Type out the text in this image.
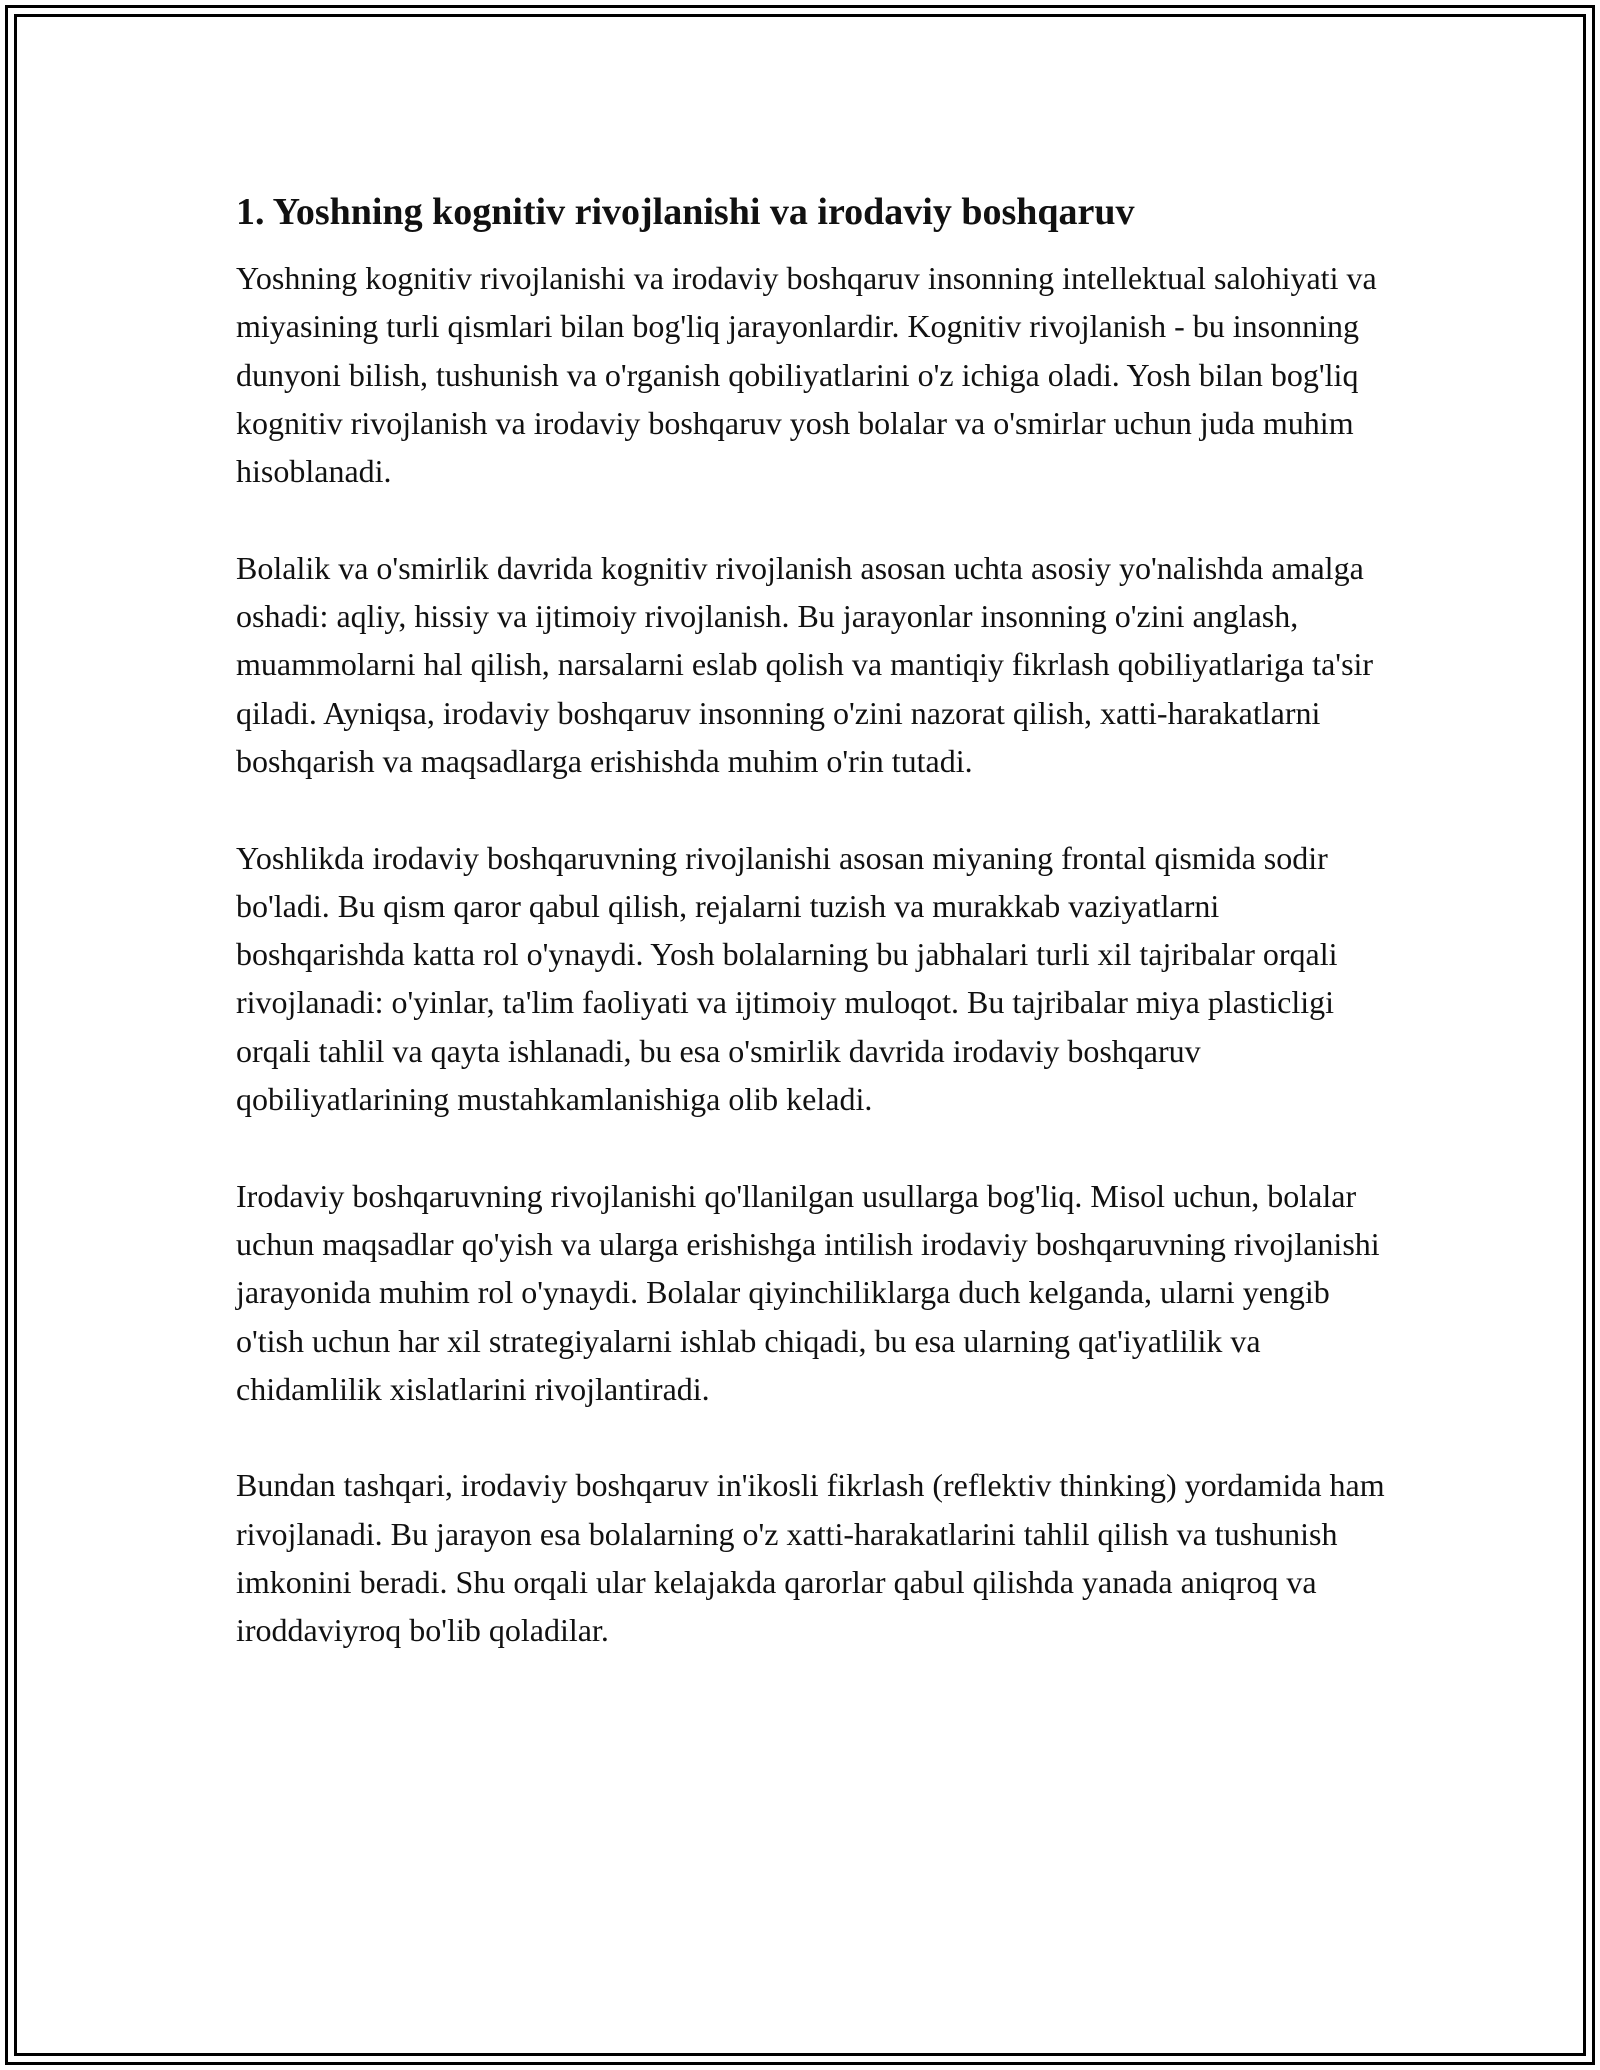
1. Yoshning kognitiv rivojlanishi va irodaviy boshqaruv

Yoshning kognitiv rivojlanishi va irodaviy boshqaruv insonning intellektual salohiyati va miyasining turli qismlari bilan bog'liq jarayonlardir. Kognitiv rivojlanish - bu insonning dunyoni bilish, tushunish va o'rganish qobiliyatlarini o'z ichiga oladi. Yosh bilan bog'liq kognitiv rivojlanish va irodaviy boshqaruv yosh bolalar va o'smirlar uchun juda muhim hisoblanadi.

Bolalik va o'smirlik davrida kognitiv rivojlanish asosan uchta asosiy yo'nalishda amalga oshadi: aqliy, hissiy va ijtimoiy rivojlanish. Bu jarayonlar insonning o'zini anglash, muammolarni hal qilish, narsalarni eslab qolish va mantiqiy fikrlash qobiliyatlariga ta'sir qiladi. Ayniqsa, irodaviy boshqaruv insonning o'zini nazorat qilish, xatti-harakatlarni boshqarish va maqsadlarga erishishda muhim o'rin tutadi.

Yoshlikda irodaviy boshqaruvning rivojlanishi asosan miyaning frontal qismida sodir bo'ladi. Bu qism qaror qabul qilish, rejalarni tuzish va murakkab vaziyatlarni boshqarishda katta rol o'ynaydi. Yosh bolalarning bu jabhalari turli xil tajribalar orqali rivojlanadi: o'yinlar, ta'lim faoliyati va ijtimoiy muloqot. Bu tajribalar miya plasticligi orqali tahlil va qayta ishlanadi, bu esa o'smirlik davrida irodaviy boshqaruv qobiliyatlarining mustahkamlanishiga olib keladi.

Irodaviy boshqaruvning rivojlanishi qo'llanilgan usullarga bog'liq. Misol uchun, bolalar uchun maqsadlar qo'yish va ularga erishishga intilish irodaviy boshqaruvning rivojlanishi jarayonida muhim rol o'ynaydi. Bolalar qiyinchiliklarga duch kelganda, ularni yengib o'tish uchun har xil strategiyalarni ishlab chiqadi, bu esa ularning qat'iyatlilik va chidamlilik xislatlarini rivojlantiradi.

Bundan tashqari, irodaviy boshqaruv in'ikosli fikrlash (reflektiv thinking) yordamida ham rivojlanadi. Bu jarayon esa bolalarning o'z xatti-harakatlarini tahlil qilish va tushunish imkonini beradi. Shu orqali ular kelajakda qarorlar qabul qilishda yanada aniqroq va iroddaviyroq bo'lib qoladilar.
